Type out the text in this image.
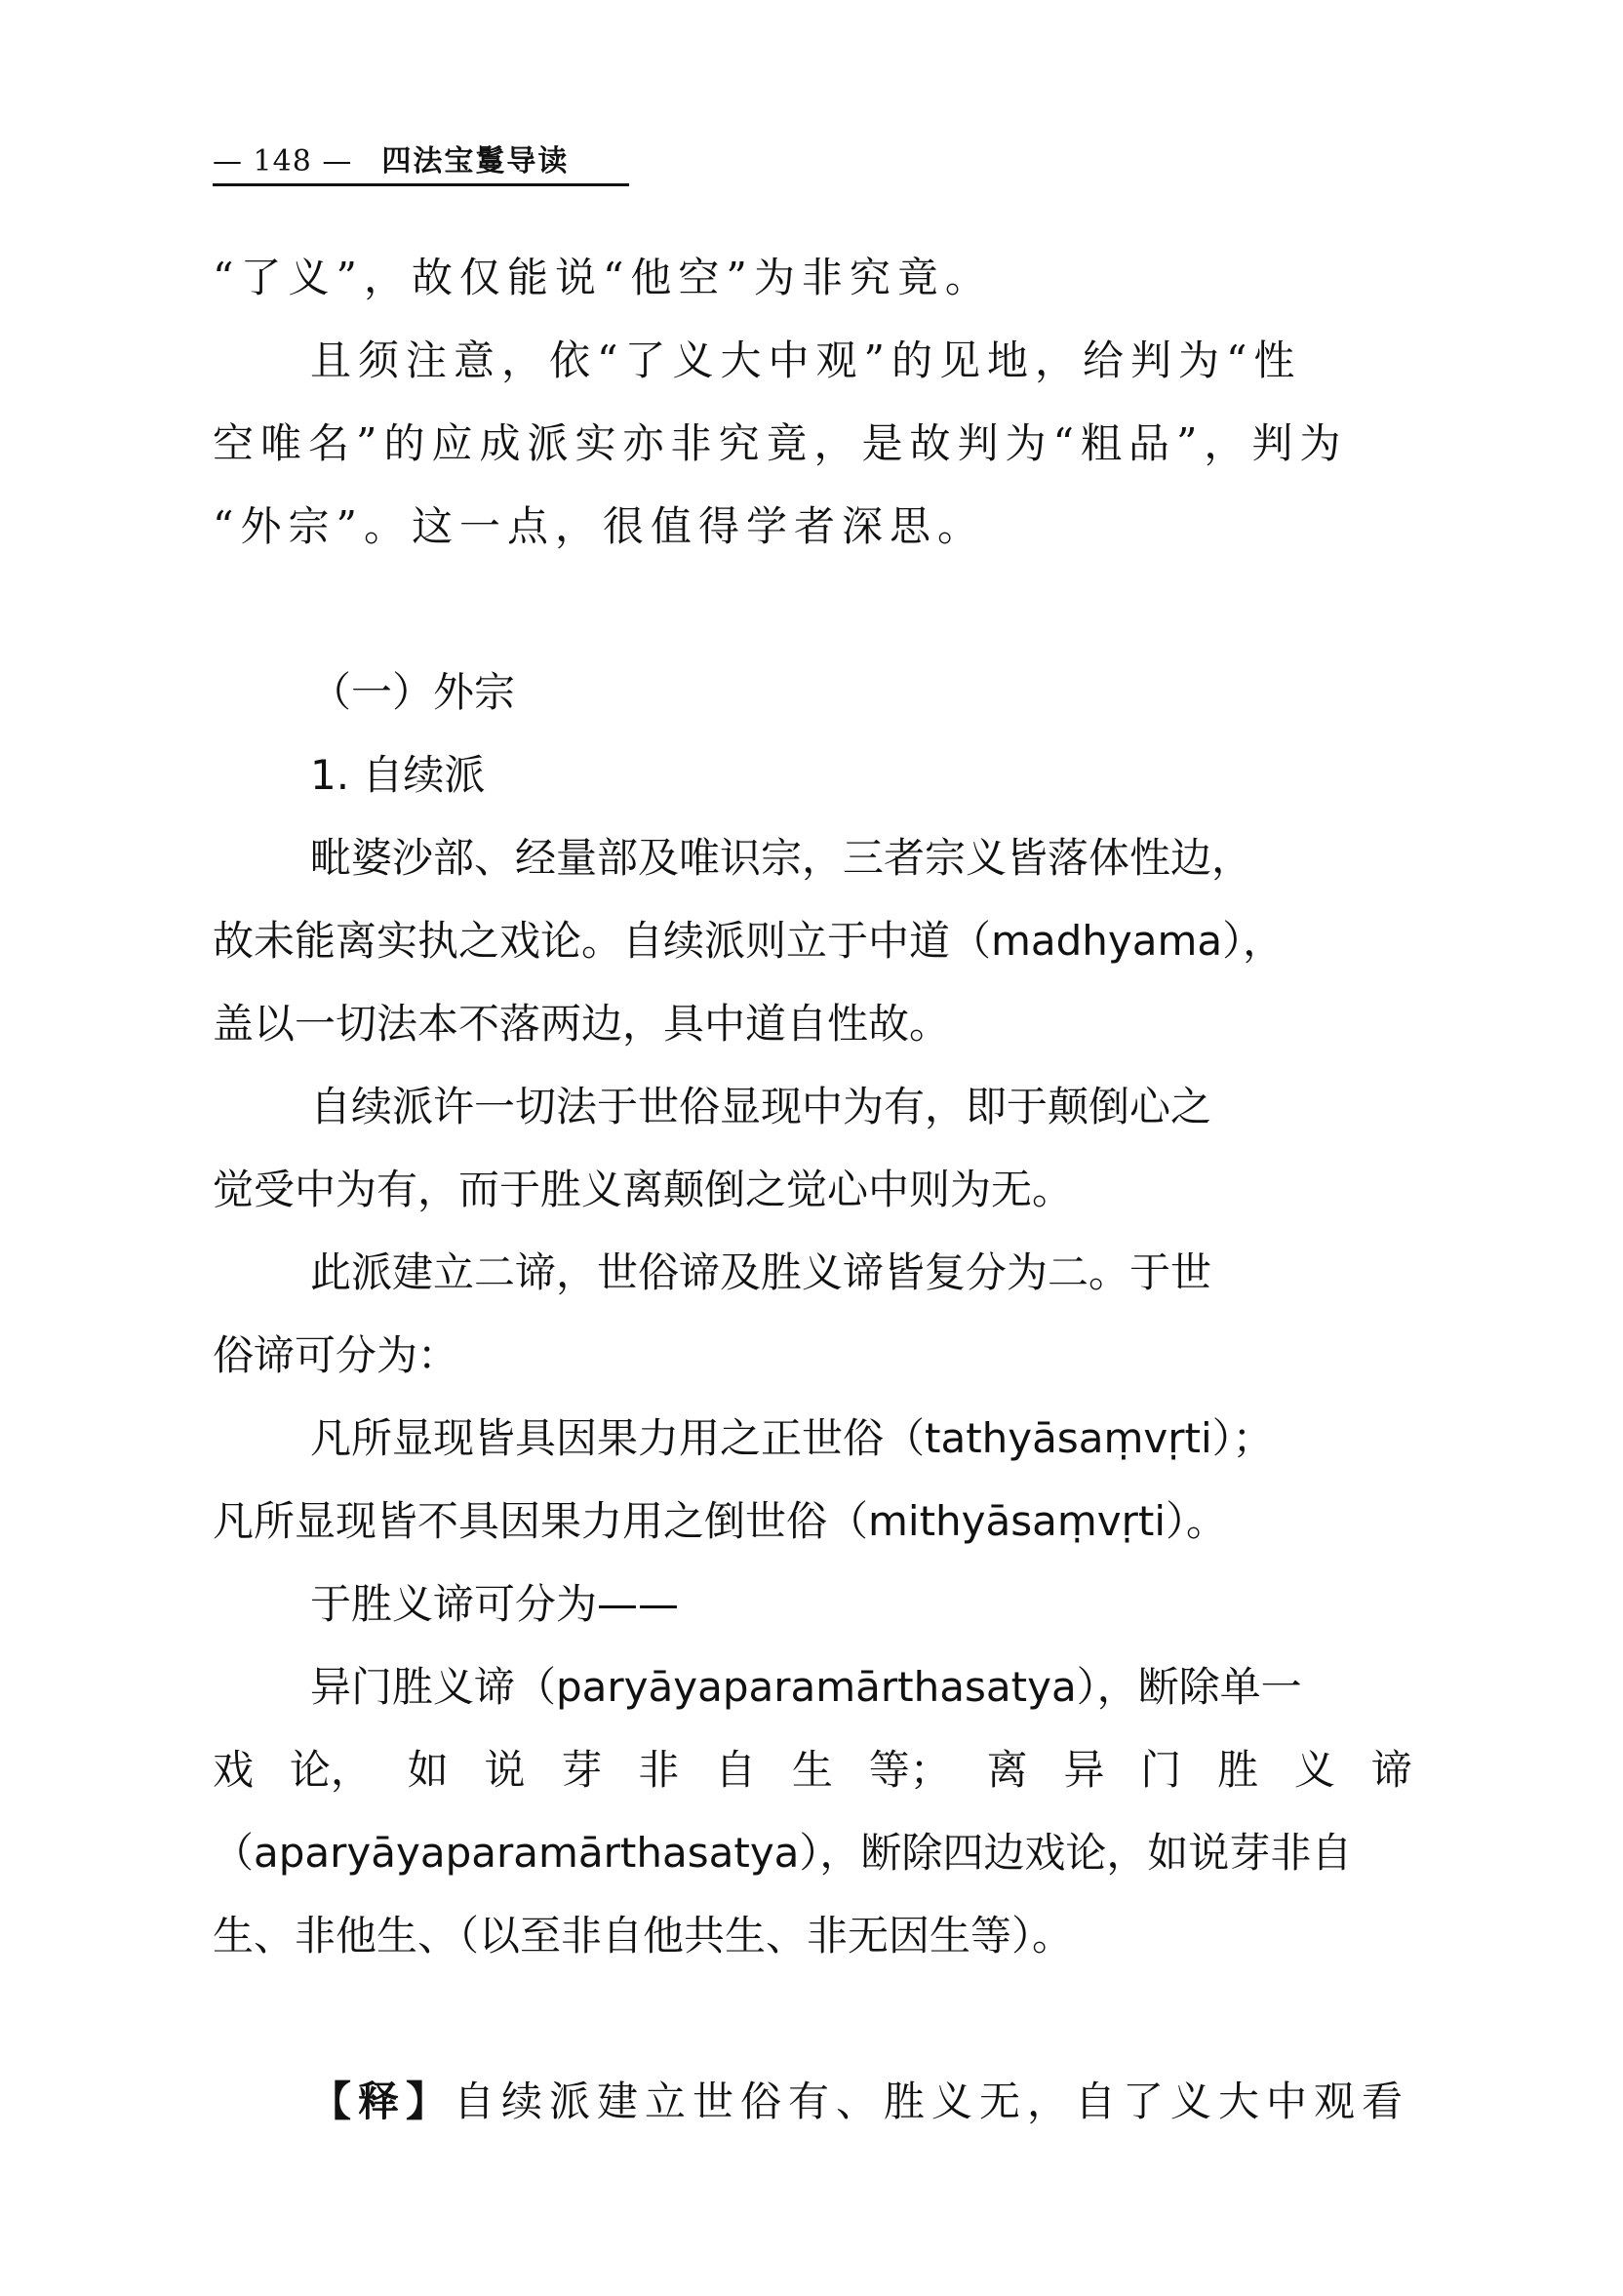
— 148 — 四法宝鬘导读
“了义”，故仅能说“他空”为非究竟。
且须注意，依“了义大中观”的见地，给判为“性
空唯名”的应成派实亦非究竟，是故判为“粗品”，判为
“外宗”。这一点，很值得学者深思。
（一）外宗
1. 自续派
毗婆沙部、经量部及唯识宗，三者宗义皆落体性边，
故未能离实执之戏论。自续派则立于中道（madhyama），
盖以一切法本不落两边，具中道自性故。
自续派许一切法于世俗显现中为有，即于颠倒心之
觉受中为有，而于胜义离颠倒之觉心中则为无。
此派建立二谛，世俗谛及胜义谛皆复分为二。于世
俗谛可分为：
凡所显现皆具因果力用之正世俗（tathyāsaṃvṛti）；
凡所显现皆不具因果力用之倒世俗（mithyāsaṃvṛti）。
于胜义谛可分为——
异门胜义谛（paryāyaparamārthasatya），断除单一
戏 论， 如 说 芽 非 自 生 等； 离 异 门 胜 义 谛
（aparyāyaparamārthasatya），断除四边戏论，如说芽非自
生、非他生、（以至非自他共生、非无因生等）。
【释】自续派建立世俗有、胜义无，自了义大中观看
